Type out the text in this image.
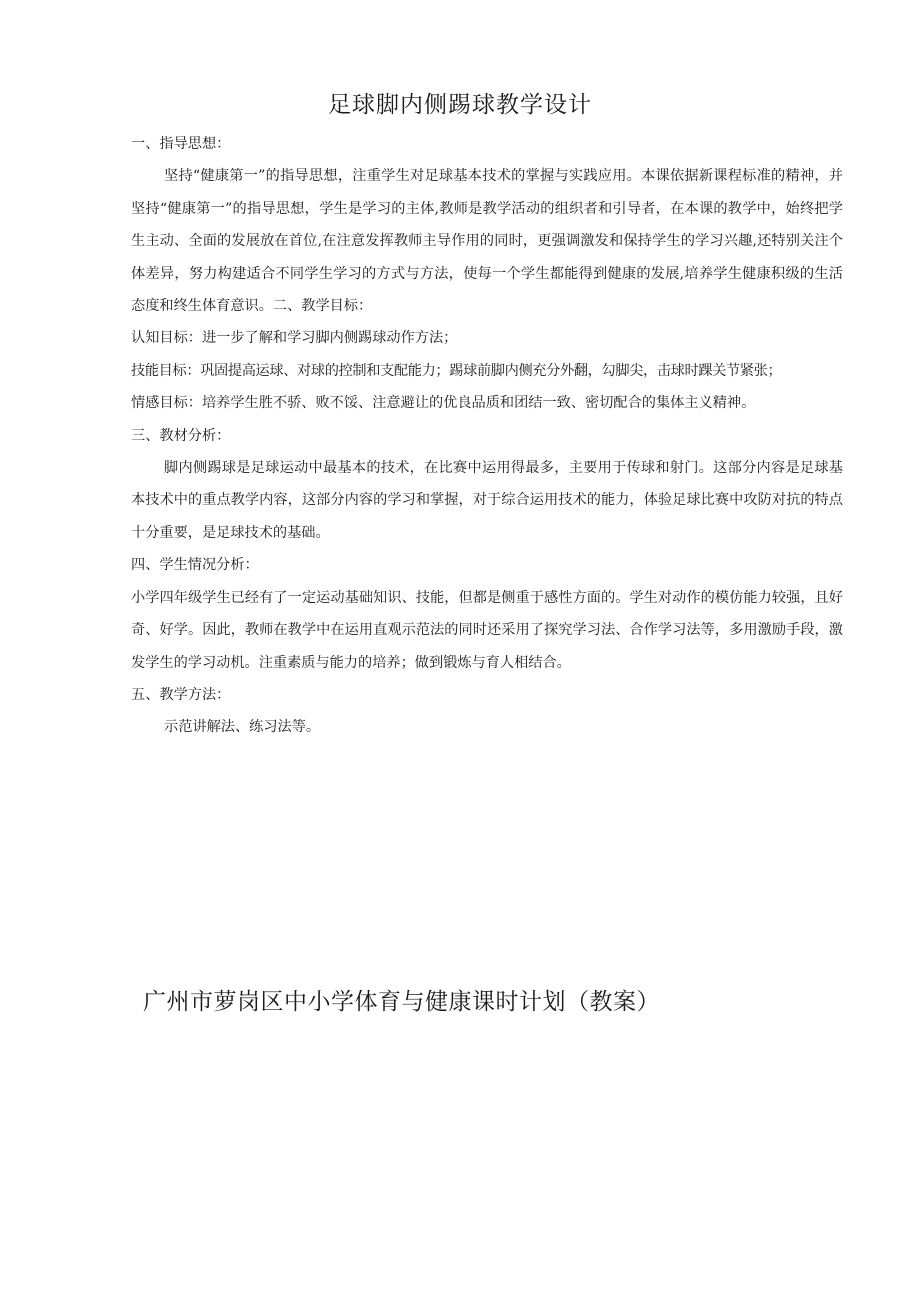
足球脚内侧踢球教学设计

一、指导思想：

坚持“健康第一”的指导思想，注重学生对足球基本技术的掌握与实践应用。本课依据新课程标准的精神，并坚持“健康第一”的指导思想，学生是学习的主体,教师是教学活动的组织者和引导者，在本课的教学中，始终把学生主动、全面的发展放在首位,在注意发挥教师主导作用的同时，更强调激发和保持学生的学习兴趣,还特别关注个体差异，努力构建适合不同学生学习的方式与方法，使每一个学生都能得到健康的发展,培养学生健康积级的生活态度和终生体育意识。二、教学目标：

认知目标：进一步了解和学习脚内侧踢球动作方法；

技能目标：巩固提高运球、对球的控制和支配能力；踢球前脚内侧充分外翻，勾脚尖，击球时踝关节紧张；

情感目标：培养学生胜不骄、败不馁、注意避让的优良品质和团结一致、密切配合的集体主义精神。

三、教材分析：

脚内侧踢球是足球运动中最基本的技术，在比赛中运用得最多，主要用于传球和射门。这部分内容是足球基本技术中的重点教学内容，这部分内容的学习和掌握，对于综合运用技术的能力，体验足球比赛中攻防对抗的特点十分重要，是足球技术的基础。

四、学生情况分析：

小学四年级学生已经有了一定运动基础知识、技能，但都是侧重于感性方面的。学生对动作的模仿能力较强，且好奇、好学。因此，教师在教学中在运用直观示范法的同时还采用了探究学习法、合作学习法等，多用激励手段，激发学生的学习动机。注重素质与能力的培养；做到锻炼与育人相结合。

五、教学方法：

示范讲解法、练习法等。

广州市萝岗区中小学体育与健康课时计划（教案）
